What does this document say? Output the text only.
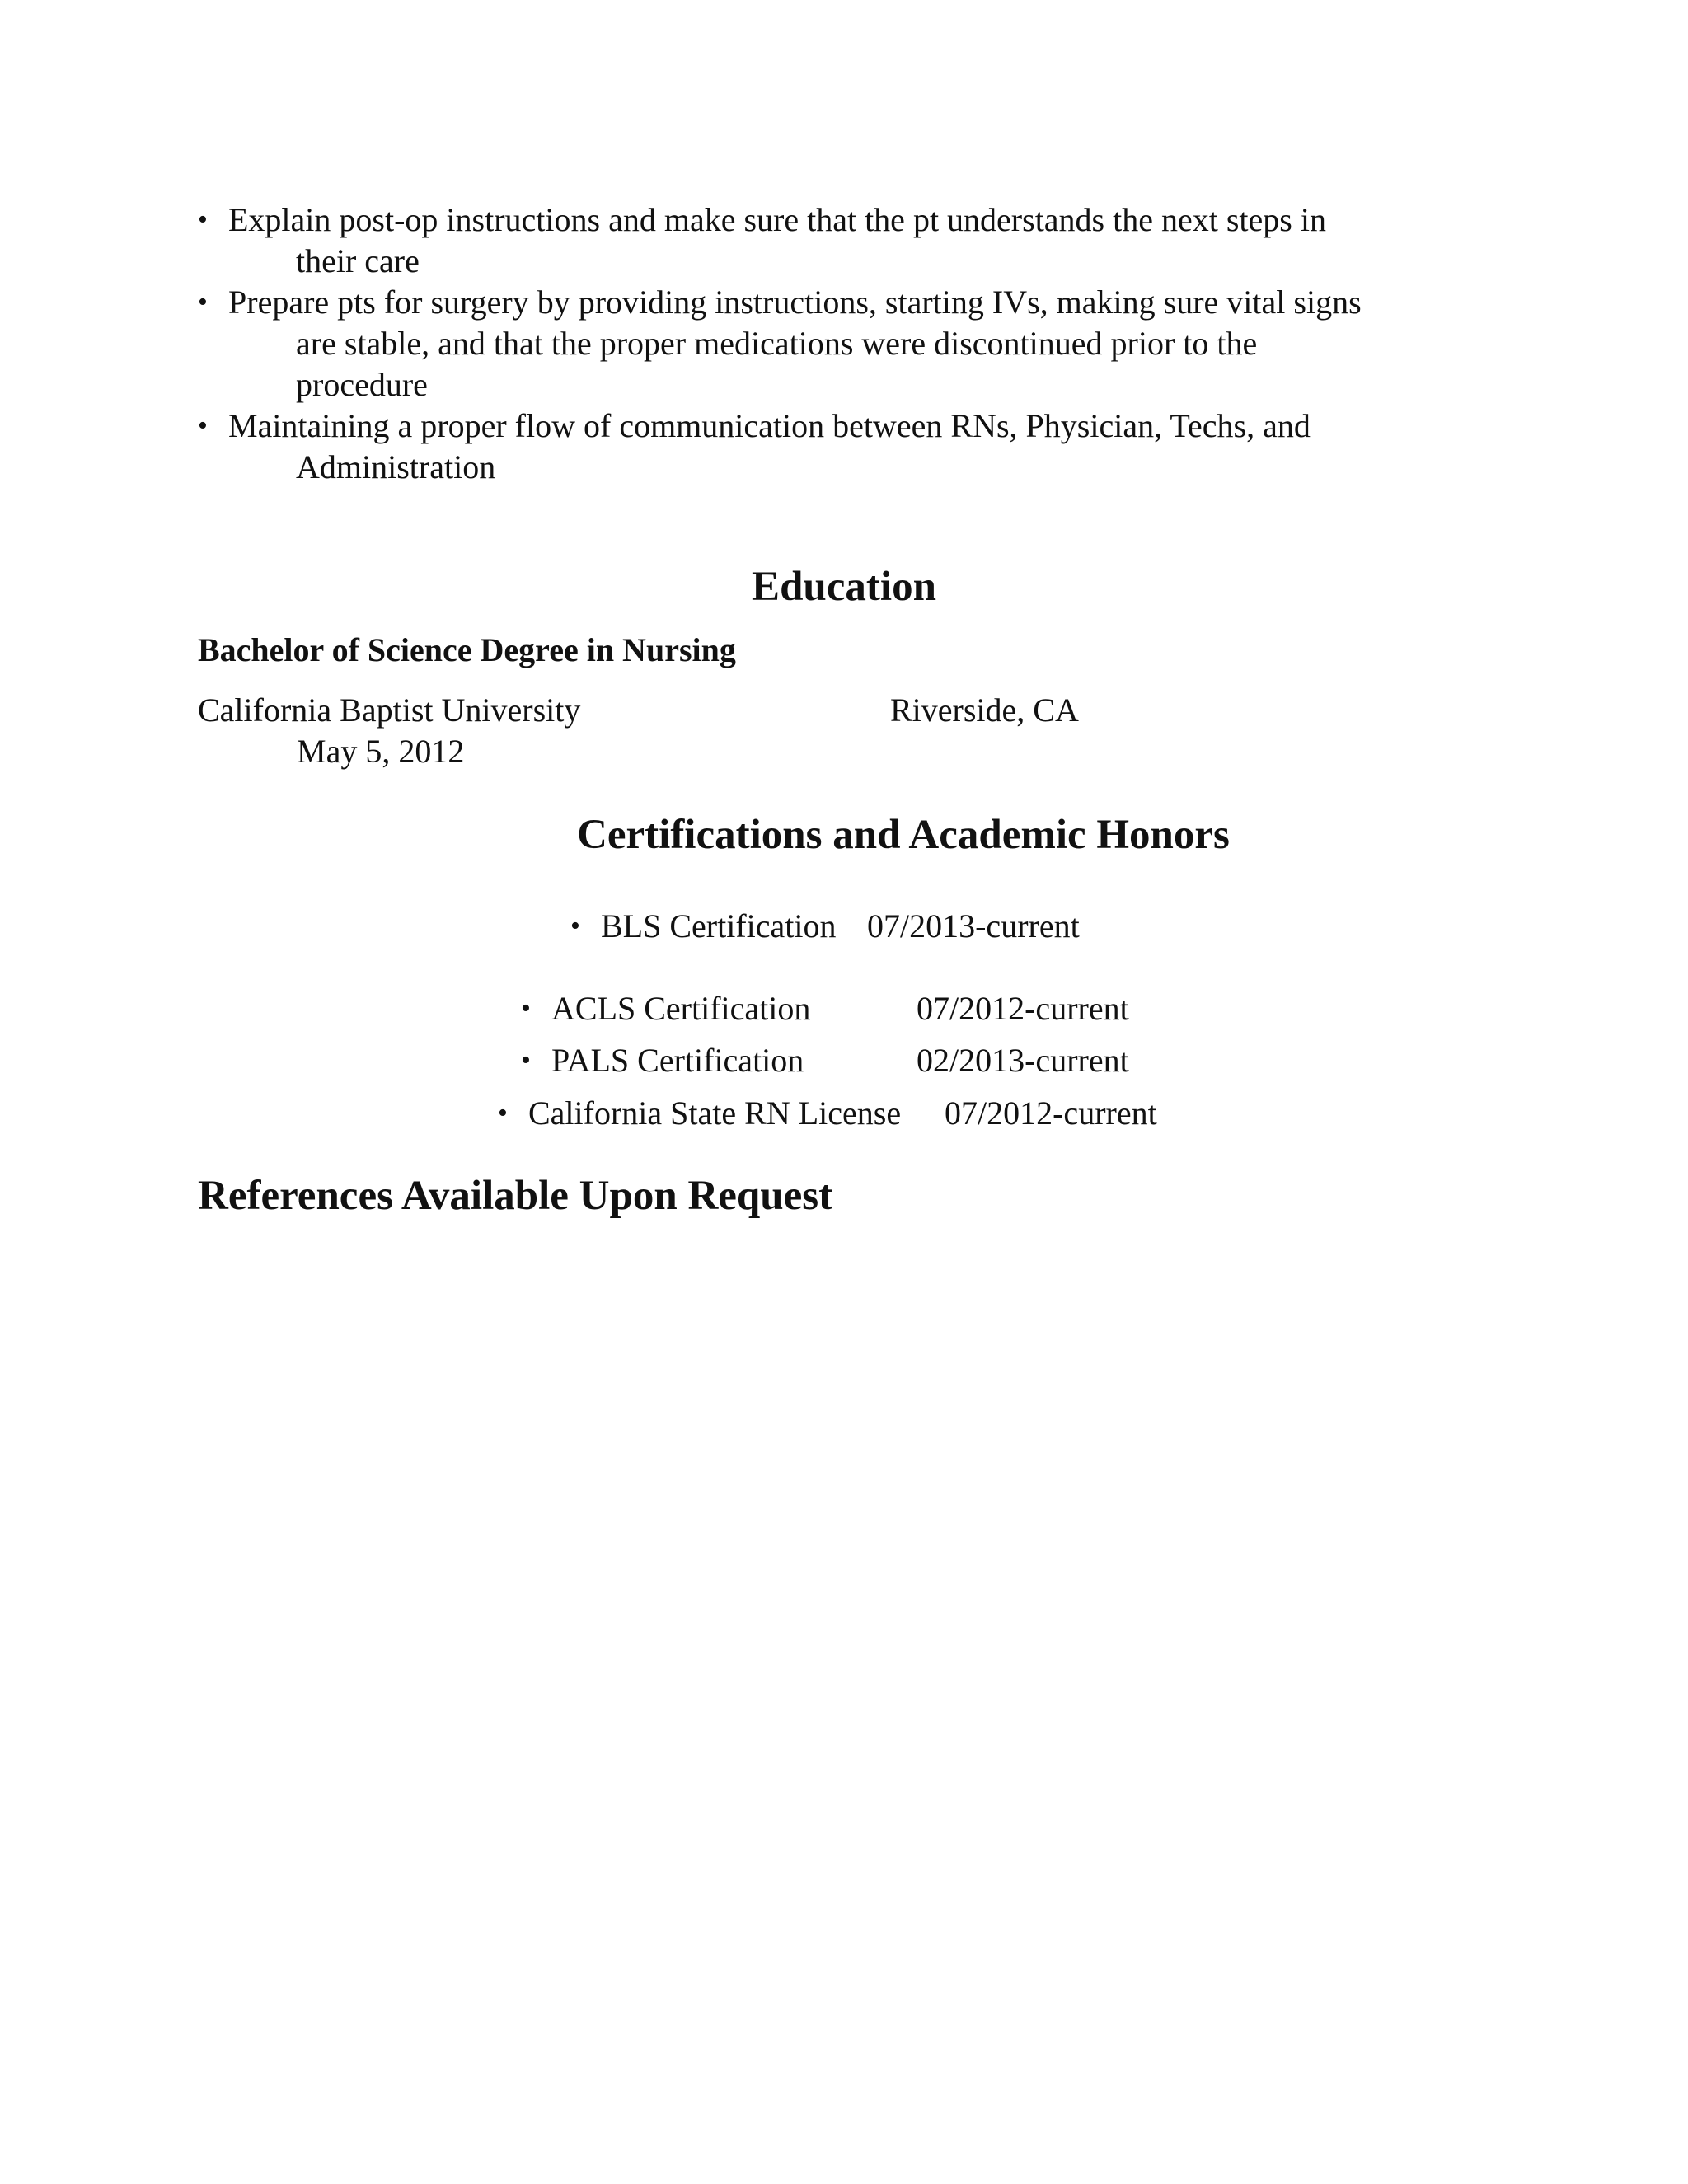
• Explain post-op instructions and make sure that the pt understands the next steps in
their care
• Prepare pts for surgery by providing instructions, starting IVs, making sure vital signs
are stable, and that the proper medications were discontinued prior to the
procedure
• Maintaining a proper flow of communication between RNs, Physician, Techs, and
Administration
Education
Bachelor of Science Degree in Nursing
California Baptist University	Riverside, CA
May 5, 2012
Certifications and Academic Honors
• BLS Certification 07/2013-current
• ACLS Certification	07/2012-current
• PALS Certification	02/2013-current
• California State RN License 07/2012-current
References Available Upon Request
